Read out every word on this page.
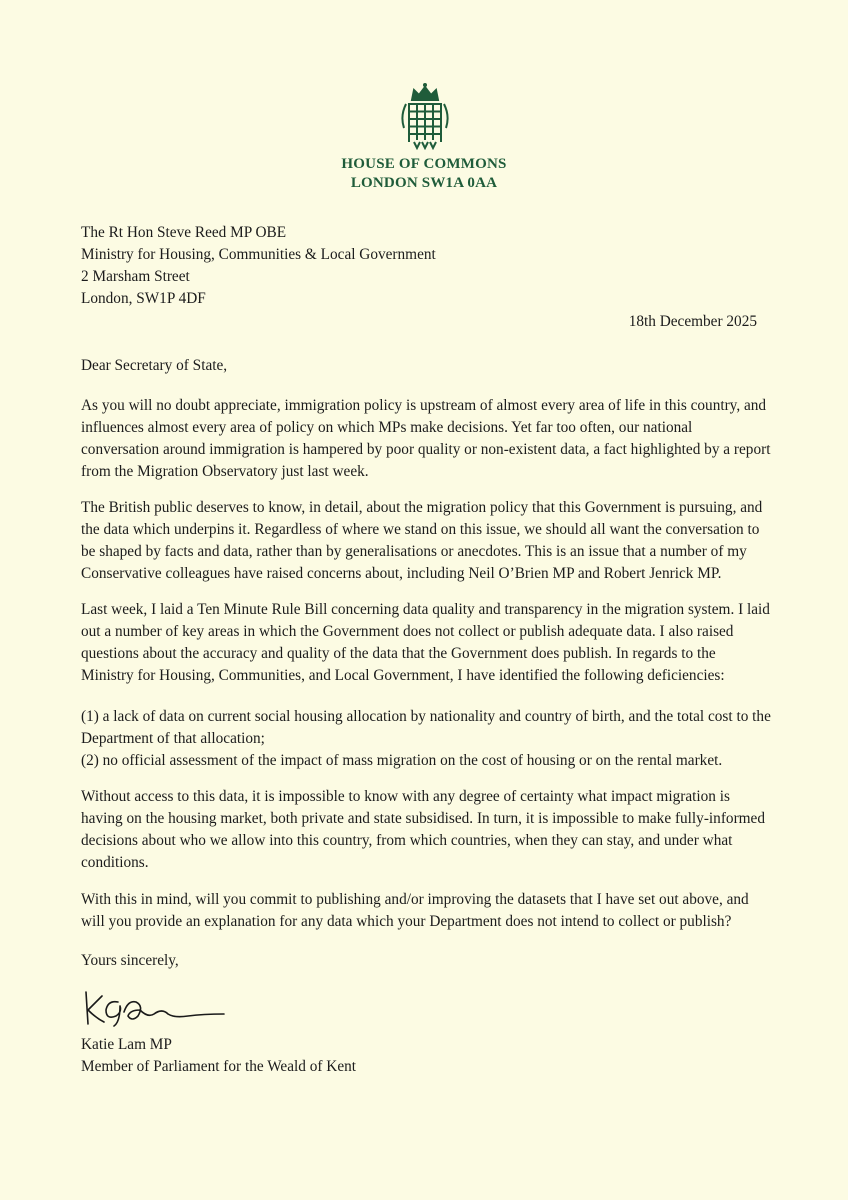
HOUSE OF COMMONS
LONDON SW1A 0AA
The Rt Hon Steve Reed MP OBE
Ministry for Housing, Communities & Local Government
2 Marsham Street
London, SW1P 4DF
18th December 2025
Dear Secretary of State,

As you will no doubt appreciate, immigration policy is upstream of almost every area of life in this country, and influences almost every area of policy on which MPs make decisions. Yet far too often, our national conversation around immigration is hampered by poor quality or non-existent data, a fact highlighted by a report from the Migration Observatory just last week.

The British public deserves to know, in detail, about the migration policy that this Government is pursuing, and the data which underpins it. Regardless of where we stand on this issue, we should all want the conversation to be shaped by facts and data, rather than by generalisations or anecdotes. This is an issue that a number of my Conservative colleagues have raised concerns about, including Neil O’Brien MP and Robert Jenrick MP.

Last week, I laid a Ten Minute Rule Bill concerning data quality and transparency in the migration system. I laid out a number of key areas in which the Government does not collect or publish adequate data. I also raised questions about the accuracy and quality of the data that the Government does publish. In regards to the Ministry for Housing, Communities, and Local Government, I have identified the following deficiencies:

(1) a lack of data on current social housing allocation by nationality and country of birth, and the total cost to the Department of that allocation;
(2) no official assessment of the impact of mass migration on the cost of housing or on the rental market.

Without access to this data, it is impossible to know with any degree of certainty what impact migration is having on the housing market, both private and state subsidised. In turn, it is impossible to make fully-informed decisions about who we allow into this country, from which countries, when they can stay, and under what conditions.

With this in mind, will you commit to publishing and/or improving the datasets that I have set out above, and will you provide an explanation for any data which your Department does not intend to collect or publish?

Yours sincerely,
Katie Lam MP
Member of Parliament for the Weald of Kent
